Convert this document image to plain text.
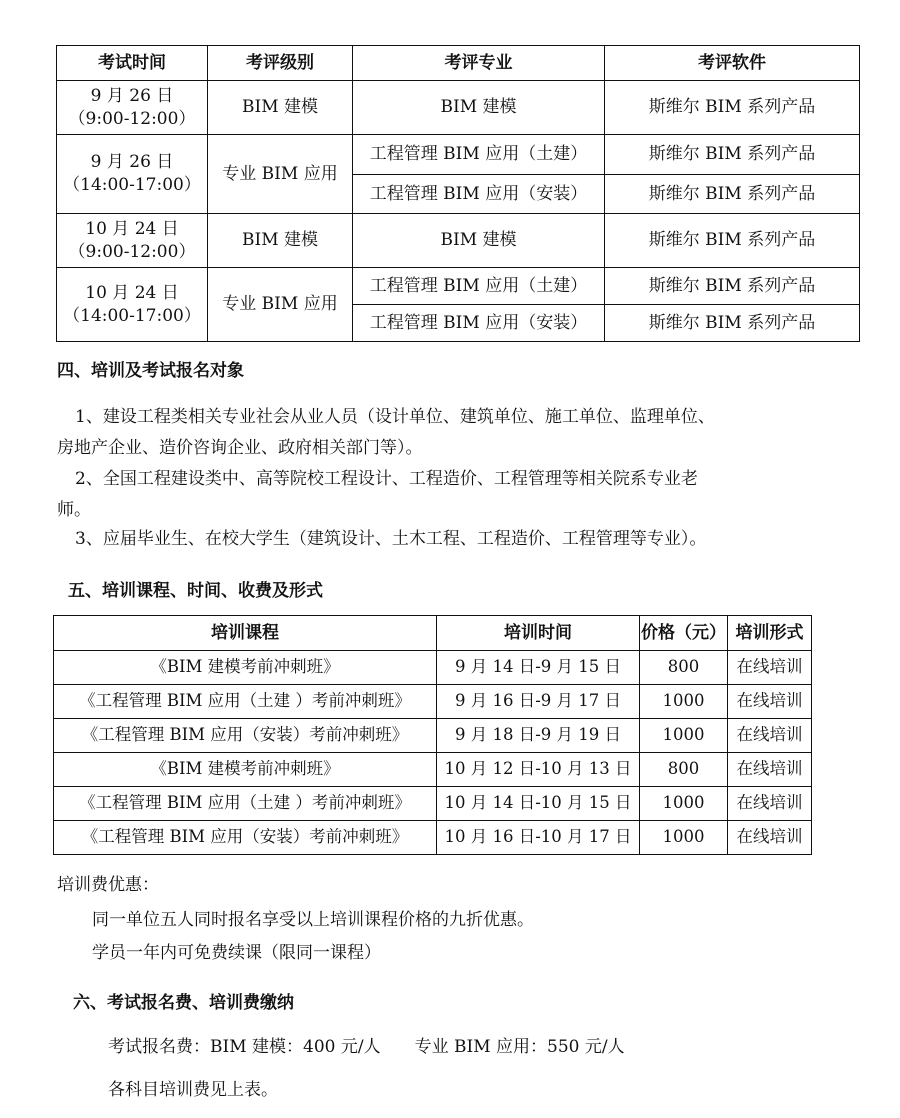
考试时间	考评级别	考评专业	考评软件

9 月 26 日
（9:00-12:00）	BIM 建模	BIM 建模	斯维尔 BIM 系列产品

9 月 26 日
（14:00-17:00）	专业 BIM 应用	工程管理 BIM 应用（土建）	斯维尔 BIM 系列产品
		工程管理 BIM 应用（安装）	斯维尔 BIM 系列产品

10 月 24 日
（9:00-12:00）	BIM 建模	BIM 建模	斯维尔 BIM 系列产品

10 月 24 日
（14:00-17:00）	专业 BIM 应用	工程管理 BIM 应用（土建）	斯维尔 BIM 系列产品
		工程管理 BIM 应用（安装）	斯维尔 BIM 系列产品
四、培训及考试报名对象
1、建设工程类相关专业社会从业人员（设计单位、建筑单位、施工单位、监理单位、
房地产企业、造价咨询企业、政府相关部门等）。
2、全国工程建设类中、高等院校工程设计、工程造价、工程管理等相关院系专业老
师。
3、应届毕业生、在校大学生（建筑设计、土木工程、工程造价、工程管理等专业）。
五、培训课程、时间、收费及形式
培训课程	培训时间	价格（元）	培训形式
《BIM 建模考前冲刺班》	9 月 14 日-9 月 15 日	800	在线培训
《工程管理 BIM 应用（土建 ）考前冲刺班》	9 月 16 日-9 月 17 日	1000	在线培训
《工程管理 BIM 应用（安装）考前冲刺班》	9 月 18 日-9 月 19 日	1000	在线培训
《BIM 建模考前冲刺班》	10 月 12 日-10 月 13 日	800	在线培训
《工程管理 BIM 应用（土建 ）考前冲刺班》	10 月 14 日-10 月 15 日	1000	在线培训
《工程管理 BIM 应用（安装）考前冲刺班》	10 月 16 日-10 月 17 日	1000	在线培训
培训费优惠：
同一单位五人同时报名享受以上培训课程价格的九折优惠。
学员一年内可免费续课（限同一课程）
六、考试报名费、培训费缴纳
考试报名费：BIM 建模：400 元/人　　专业 BIM 应用：550 元/人
各科目培训费见上表。
